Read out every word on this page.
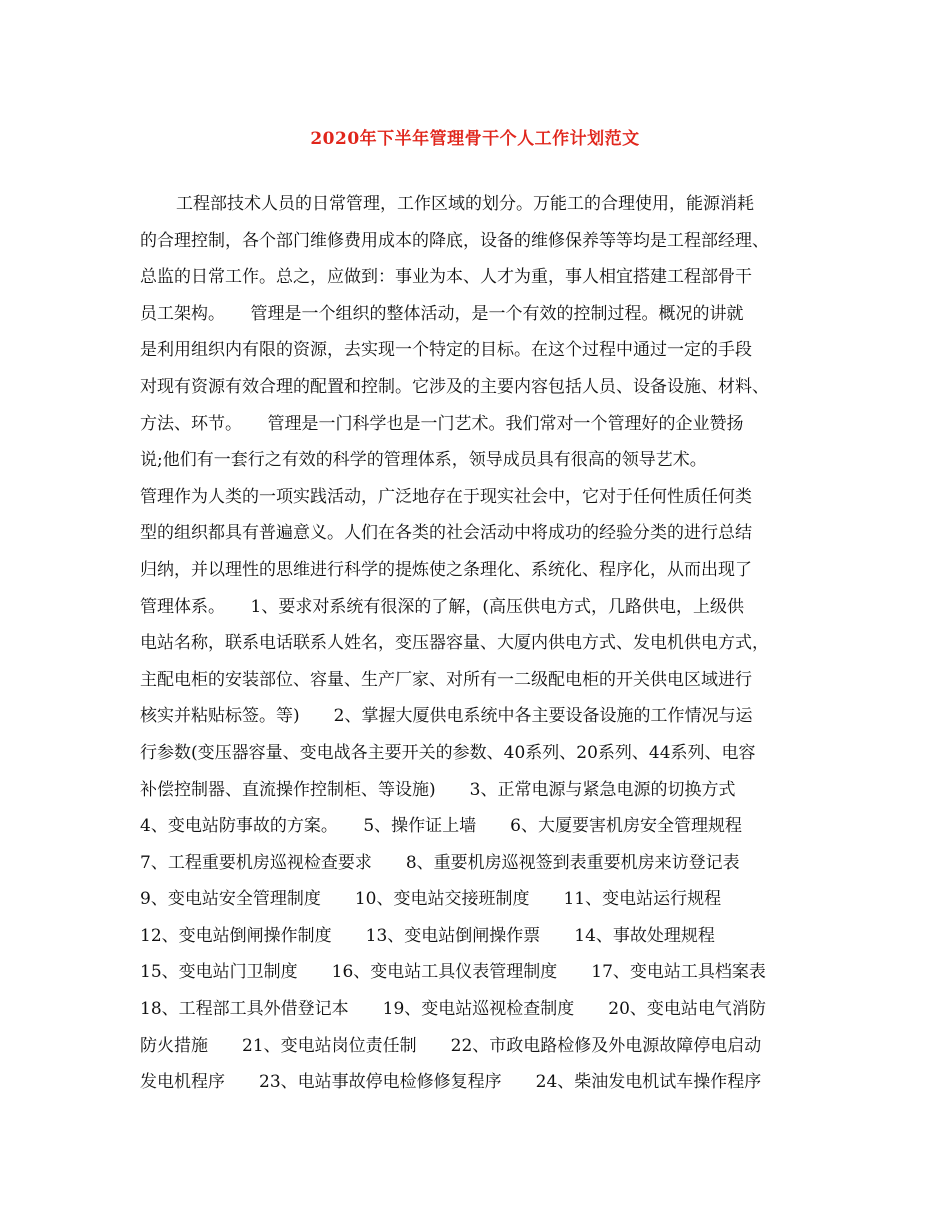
2020年下半年管理骨干个人工作计划范文
工程部技术人员的日常管理，工作区域的划分。万能工的合理使用，能源消耗
的合理控制，各个部门维修费用成本的降底，设备的维修保养等等均是工程部经理、
总监的日常工作。总之，应做到：事业为本、人才为重，事人相宜搭建工程部骨干
员工架构。　　管理是一个组织的整体活动，是一个有效的控制过程。概况的讲就
是利用组织内有限的资源，去实现一个特定的目标。在这个过程中通过一定的手段
对现有资源有效合理的配置和控制。它涉及的主要内容包括人员、设备设施、材料、
方法、环节。　　管理是一门科学也是一门艺术。我们常对一个管理好的企业赞扬
说;他们有一套行之有效的科学的管理体系，领导成员具有很高的领导艺术。
管理作为人类的一项实践活动，广泛地存在于现实社会中，它对于任何性质任何类
型的组织都具有普遍意义。人们在各类的社会活动中将成功的经验分类的进行总结
归纳，并以理性的思维进行科学的提炼使之条理化、系统化、程序化，从而出现了
管理体系。　　1、要求对系统有很深的了解，(高压供电方式，几路供电，上级供
电站名称，联系电话联系人姓名，变压器容量、大厦内供电方式、发电机供电方式，
主配电柜的安装部位、容量、生产厂家、对所有一二级配电柜的开关供电区域进行
核实并粘贴标签。等)　　2、掌握大厦供电系统中各主要设备设施的工作情况与运
行参数(变压器容量、变电战各主要开关的参数、40系列、20系列、44系列、电容
补偿控制器、直流操作控制柜、等设施)　　3、正常电源与紧急电源的切换方式
4、变电站防事故的方案。　　5、操作证上墙　　6、大厦要害机房安全管理规程
7、工程重要机房巡视检查要求　　8、重要机房巡视签到表重要机房来访登记表
9、变电站安全管理制度　　10、变电站交接班制度　　11、变电站运行规程
12、变电站倒闸操作制度　　13、变电站倒闸操作票　　14、事故处理规程
15、变电站门卫制度　　16、变电站工具仪表管理制度　　17、变电站工具档案表
18、工程部工具外借登记本　　19、变电站巡视检查制度　　20、变电站电气消防
防火措施　　21、变电站岗位责任制　　22、市政电路检修及外电源故障停电启动
发电机程序　　23、电站事故停电检修修复程序　　24、柴油发电机试车操作程序
